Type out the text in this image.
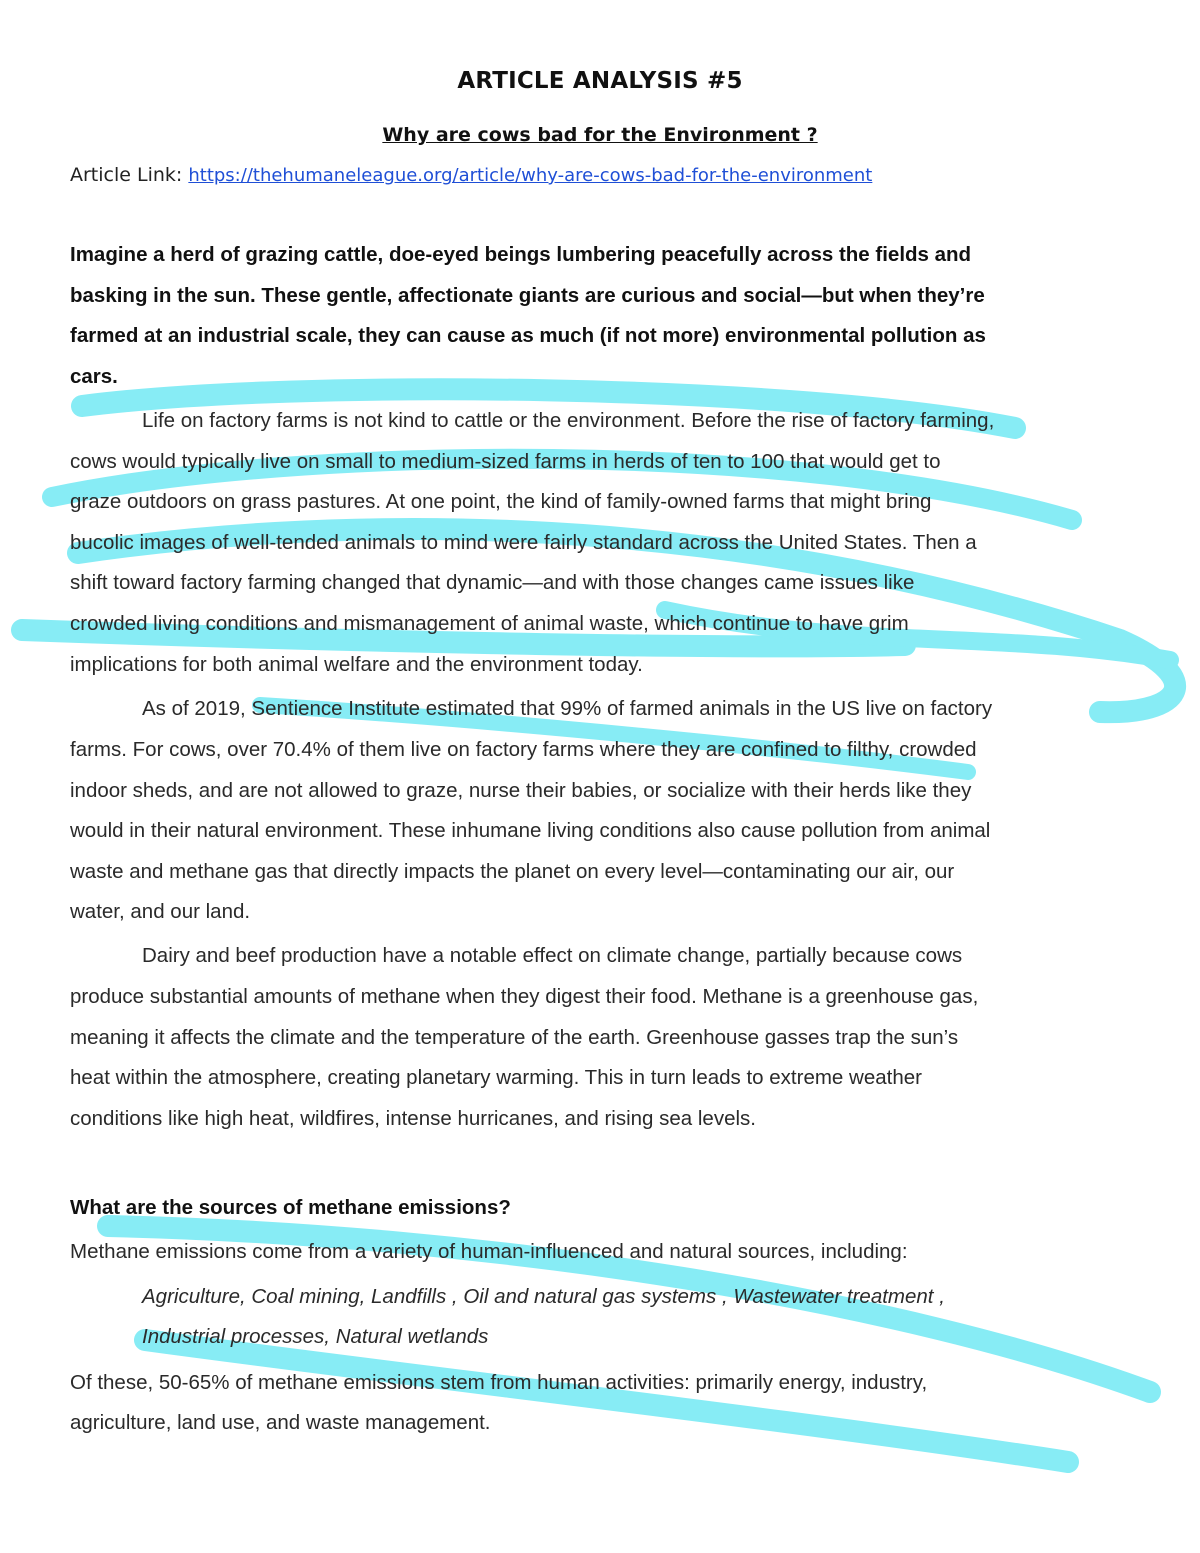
ARTICLE ANALYSIS #5
Why are cows bad for the Environment ?
Article Link: https://thehumaneleague.org/article/why-are-cows-bad-for-the-environment
Imagine a herd of grazing cattle, doe-eyed beings lumbering peacefully across the fields and
basking in the sun. These gentle, affectionate giants are curious and social—but when they’re
farmed at an industrial scale, they can cause as much (if not more) environmental pollution as
cars.
Life on factory farms is not kind to cattle or the environment. Before the rise of factory farming,
cows would typically live on small to medium-sized farms in herds of ten to 100 that would get to
graze outdoors on grass pastures. At one point, the kind of family-owned farms that might bring
bucolic images of well-tended animals to mind were fairly standard across the United States. Then a
shift toward factory farming changed that dynamic—and with those changes came issues like
crowded living conditions and mismanagement of animal waste, which continue to have grim
implications for both animal welfare and the environment today.
As of 2019, Sentience Institute estimated that 99% of farmed animals in the US live on factory
farms. For cows, over 70.4% of them live on factory farms where they are confined to filthy, crowded
indoor sheds, and are not allowed to graze, nurse their babies, or socialize with their herds like they
would in their natural environment. These inhumane living conditions also cause pollution from animal
waste and methane gas that directly impacts the planet on every level—contaminating our air, our
water, and our land.
Dairy and beef production have a notable effect on climate change, partially because cows
produce substantial amounts of methane when they digest their food. Methane is a greenhouse gas,
meaning it affects the climate and the temperature of the earth. Greenhouse gasses trap the sun’s
heat within the atmosphere, creating planetary warming. This in turn leads to extreme weather
conditions like high heat, wildfires, intense hurricanes, and rising sea levels.
What are the sources of methane emissions?
Methane emissions come from a variety of human-influenced and natural sources, including:
Agriculture, Coal mining, Landfills , Oil and natural gas systems , Wastewater treatment ,
Industrial processes, Natural wetlands
Of these, 50-65% of methane emissions stem from human activities: primarily energy, industry,
agriculture, land use, and waste management.
